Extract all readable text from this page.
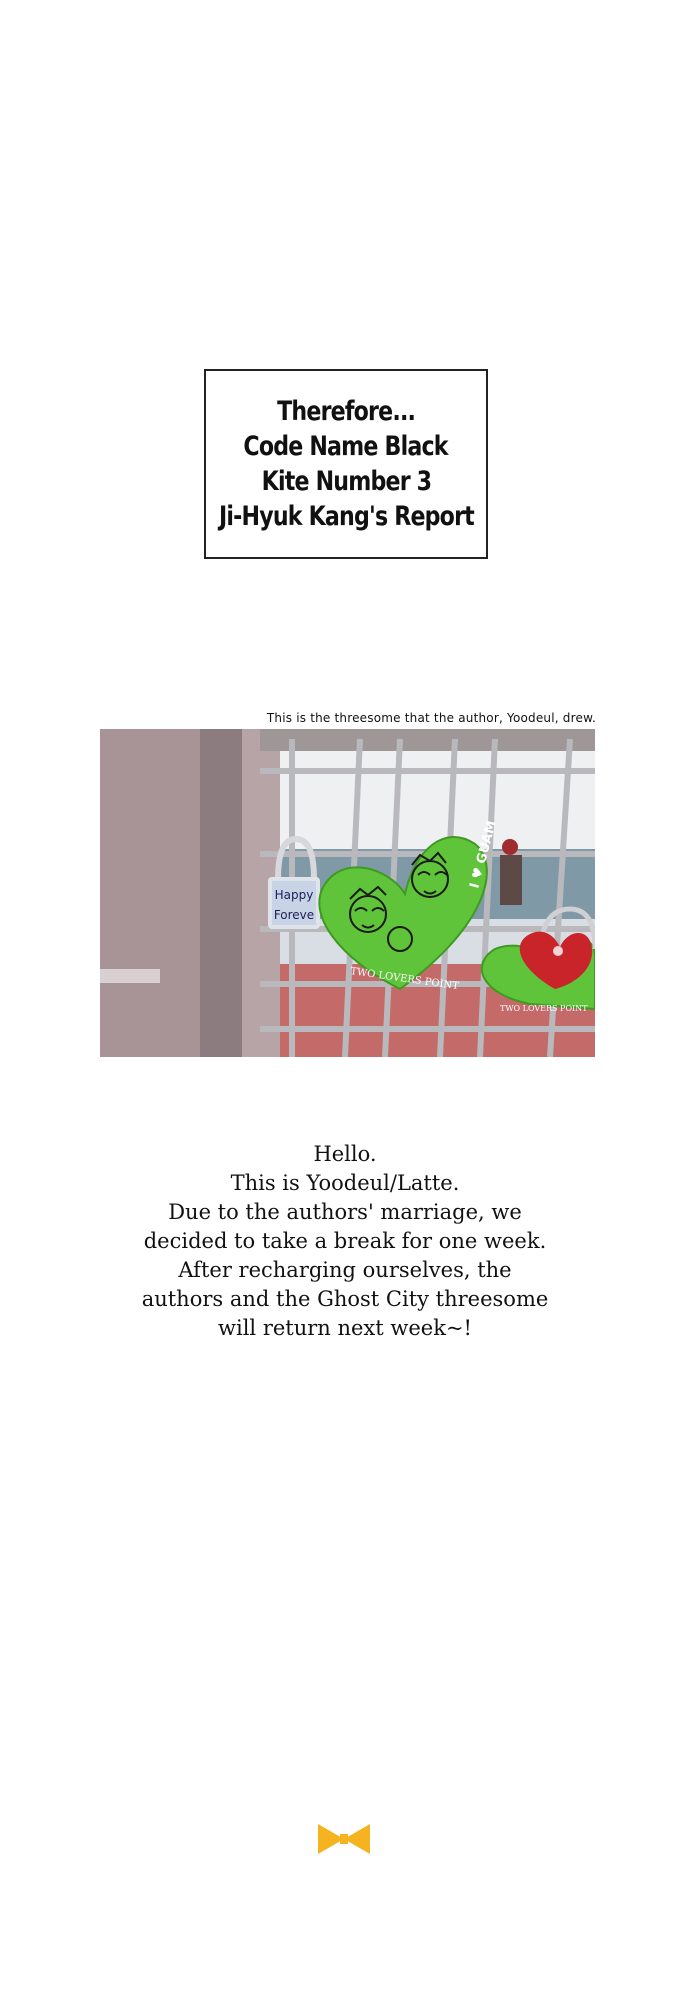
Therefore...
Code Name Black
Kite Number 3
Ji-Hyuk Kang's Report
This is the threesome that the author, Yoodeul, drew.
Happy
Foreve
I ♥ GUAM
TWO LOVERS POINT
TWO LOVERS POINT
Hello.
This is Yoodeul/Latte.
Due to the authors' marriage, we
decided to take a break for one week.
After recharging ourselves, the
authors and the Ghost City threesome
will return next week~!
